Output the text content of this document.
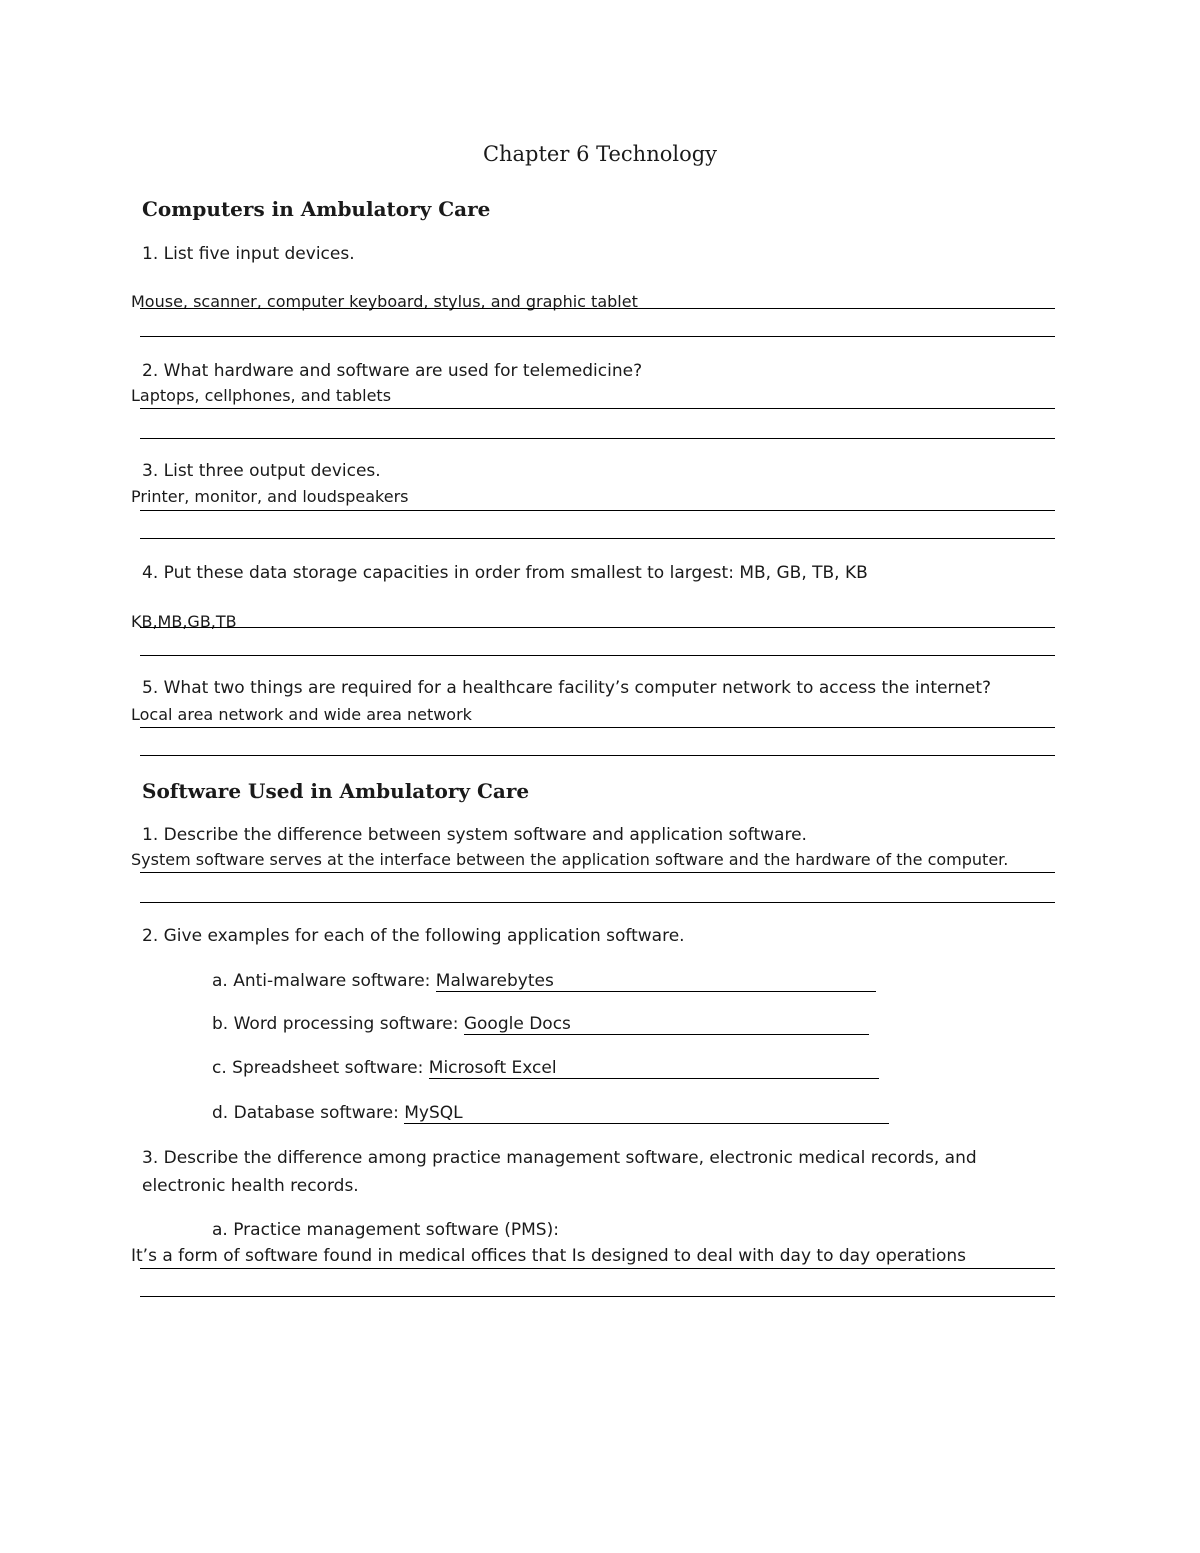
Chapter 6 Technology
Computers in Ambulatory Care
1. List five input devices.
Mouse, scanner, computer keyboard, stylus, and graphic tablet
2. What hardware and software are used for telemedicine?
Laptops, cellphones, and tablets
3. List three output devices.
Printer, monitor, and loudspeakers
4. Put these data storage capacities in order from smallest to largest: MB, GB, TB, KB
KB,MB,GB,TB
5. What two things are required for a healthcare facility’s computer network to access the internet?
Local area network and wide area network
Software Used in Ambulatory Care
1. Describe the difference between system software and application software.
System software serves at the interface between the application software and the hardware of the computer.
2. Give examples for each of the following application software.
a. Anti-malware software: Malwarebytes
b. Word processing software: Google Docs
c. Spreadsheet software: Microsoft Excel
d. Database software: MySQL
3. Describe the difference among practice management software, electronic medical records, and
electronic health records.
a. Practice management software (PMS):
It’s a form of software found in medical offices that Is designed to deal with day to day operations
